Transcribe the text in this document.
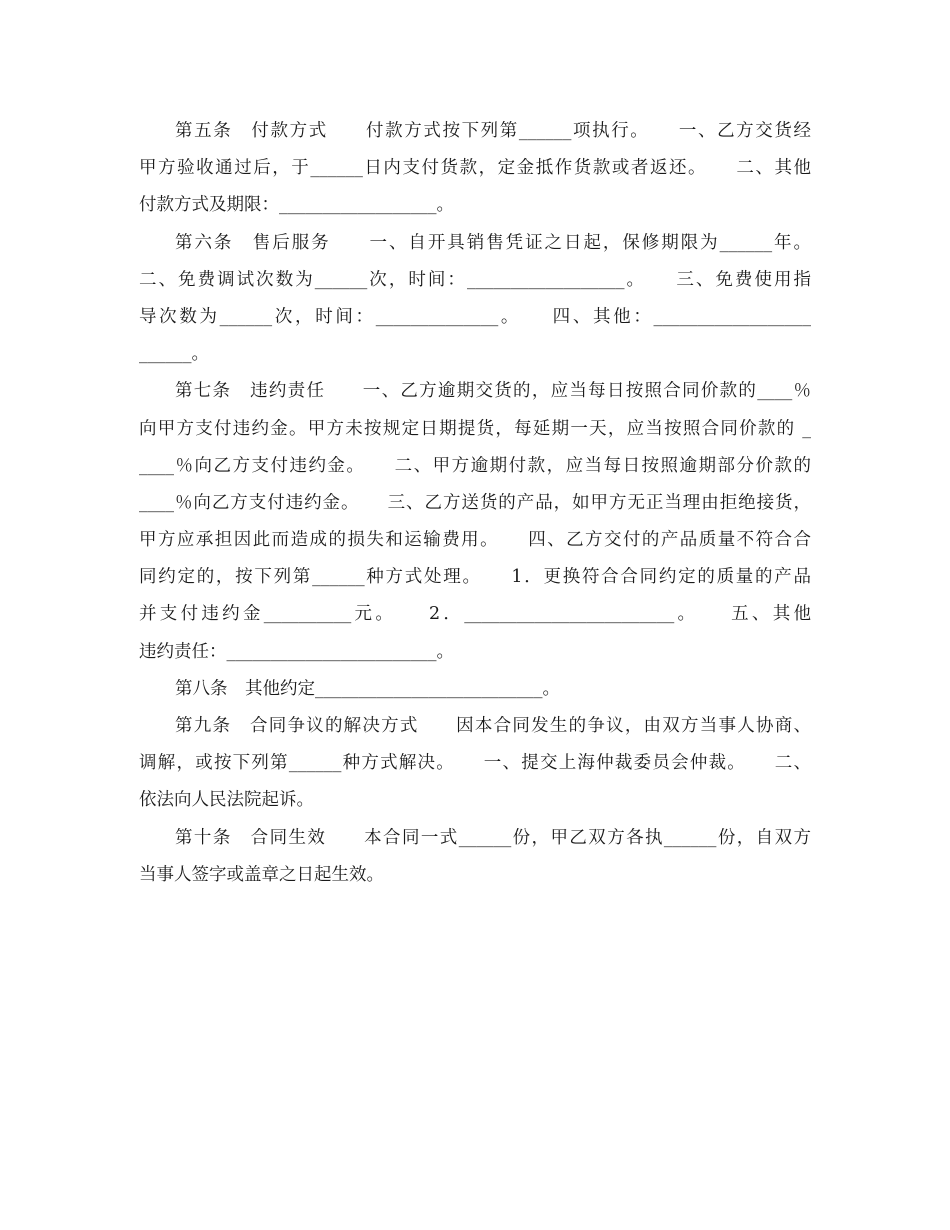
第五条　付款方式　　付款方式按下列第______项执行。　　一、乙方交货经
甲方验收通过后，于______日内支付货款，定金抵作货款或者返还。　　二、其他
付款方式及期限：__________________。
第六条　售后服务　　一、自开具销售凭证之日起，保修期限为______年。
二、免费调试次数为______次，时间：__________________。　　三、免费使用指
导次数为______次，时间：______________。　　四、其他：__________________
______。
第七条　违约责任　　一、乙方逾期交货的，应当每日按照合同价款的____％
向甲方支付违约金。甲方未按规定日期提货，每延期一天，应当按照合同价款的 _
____％向乙方支付违约金。　　二、甲方逾期付款，应当每日按照逾期部分价款的
____％向乙方支付违约金。　　三、乙方送货的产品，如甲方无正当理由拒绝接货，
甲方应承担因此而造成的损失和运输费用。　　四、乙方交付的产品质量不符合合
同约定的，按下列第______种方式处理。　　1．更换符合合同约定的质量的产品
并支付违约金__________元。　　2．________________________。　　五、其他
违约责任：________________________。
第八条　其他约定__________________________。
第九条　合同争议的解决方式　　因本合同发生的争议，由双方当事人协商、
调解，或按下列第______种方式解决。　　一、提交上海仲裁委员会仲裁。　　二、
依法向人民法院起诉。
第十条　合同生效　　本合同一式______份，甲乙双方各执______份，自双方
当事人签字或盖章之日起生效。
